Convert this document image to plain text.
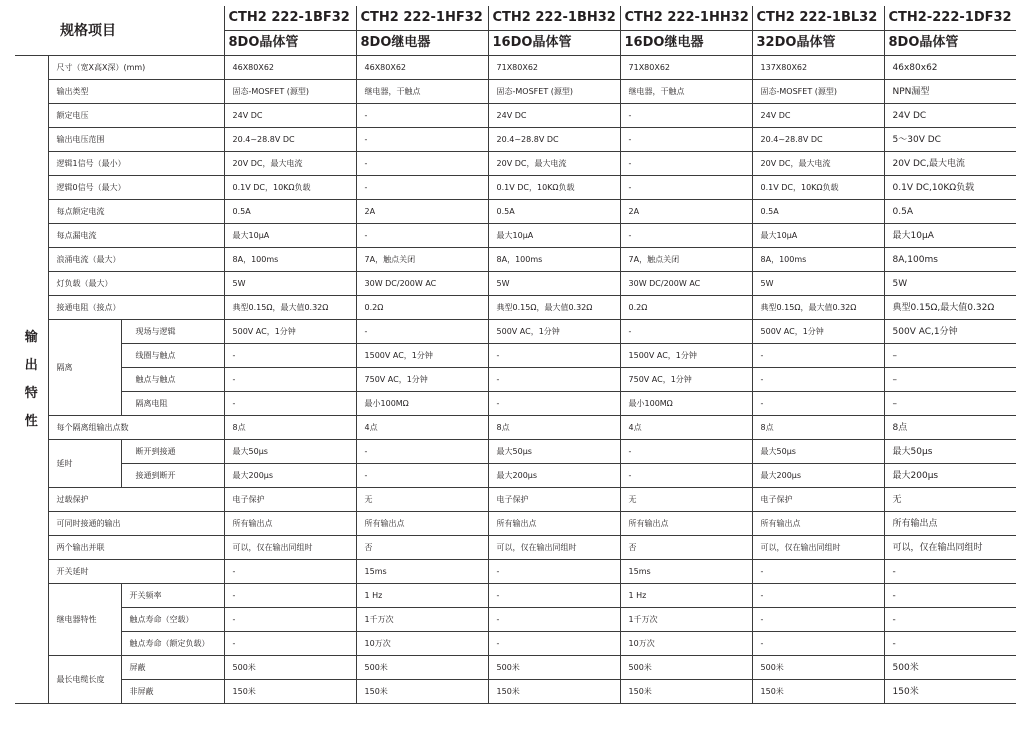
规格项目			CTH2 222-1BF32	CTH2 222-1HF32	CTH2 222-1BH32	CTH2 222-1HH32	CTH2 222-1BL32	CTH2-222-1DF32
			8DO晶体管	8DO继电器	16DO晶体管	16DO继电器	32DO晶体管	8DO晶体管

输
出
特
性	尺寸（宽X高X深）(mm)		46X80X62	46X80X62	71X80X62	71X80X62	137X80X62	46x80x62
	输出类型		固态-MOSFET (源型)	继电器，干触点	固态-MOSFET (源型)	继电器，干触点	固态-MOSFET (源型)	NPN漏型
	额定电压		24V DC	-	24V DC	-	24V DC	24V DC
	输出电压范围		20.4~28.8V DC	-	20.4~28.8V DC	-	20.4~28.8V DC	5～30V DC
	逻辑1信号（最小）		20V DC，最大电流	-	20V DC，最大电流	-	20V DC，最大电流	20V DC,最大电流
	逻辑0信号（最大）		0.1V DC，10KΩ负载	-	0.1V DC，10KΩ负载	-	0.1V DC，10KΩ负载	0.1V DC,10KΩ负载
	每点额定电流		0.5A	2A	0.5A	2A	0.5A	0.5A
	每点漏电流		最大10μA	-	最大10μA	-	最大10μA	最大10μA
	浪涌电流（最大）		8A，100ms	7A，触点关闭	8A，100ms	7A，触点关闭	8A，100ms	8A,100ms
	灯负载（最大）		5W	30W DC/200W AC	5W	30W DC/200W AC	5W	5W
	接通电阻（接点）		典型0.15Ω，最大值0.32Ω	0.2Ω	典型0.15Ω，最大值0.32Ω	0.2Ω	典型0.15Ω，最大值0.32Ω	典型0.15Ω,最大值0.32Ω
	隔离	现场与逻辑	500V AC，1分钟	-	500V AC，1分钟	-	500V AC，1分钟	500V AC,1分钟
		线圈与触点	-	1500V AC，1分钟	-	1500V AC，1分钟	-	–
		触点与触点	-	750V AC，1分钟	-	750V AC，1分钟	-	–
		隔离电阻	-	最小100MΩ	-	最小100MΩ	-	–
	每个隔离组输出点数		8点	4点	8点	4点	8点	8点
	延时	断开到接通	最大50μs	-	最大50μs	-	最大50μs	最大50μs
		接通到断开	最大200μs	-	最大200μs	-	最大200μs	最大200μs
	过载保护		电子保护	无	电子保护	无	电子保护	无
	可同时接通的输出		所有输出点	所有输出点	所有输出点	所有输出点	所有输出点	所有输出点
	两个输出并联		可以，仅在输出同组时	否	可以，仅在输出同组时	否	可以，仅在输出同组时	可以，仅在输出同组时
	开关延时		-	15ms	-	15ms	-	-
	继电器特性	开关频率	-	1 Hz	-	1 Hz	-	-
		触点寿命（空载）	-	1千万次	-	1千万次	-	-
		触点寿命（额定负载）	-	10万次	-	10万次	-	-
	最长电缆长度	屏蔽	500米	500米	500米	500米	500米	500米
		非屏蔽	150米	150米	150米	150米	150米	150米
